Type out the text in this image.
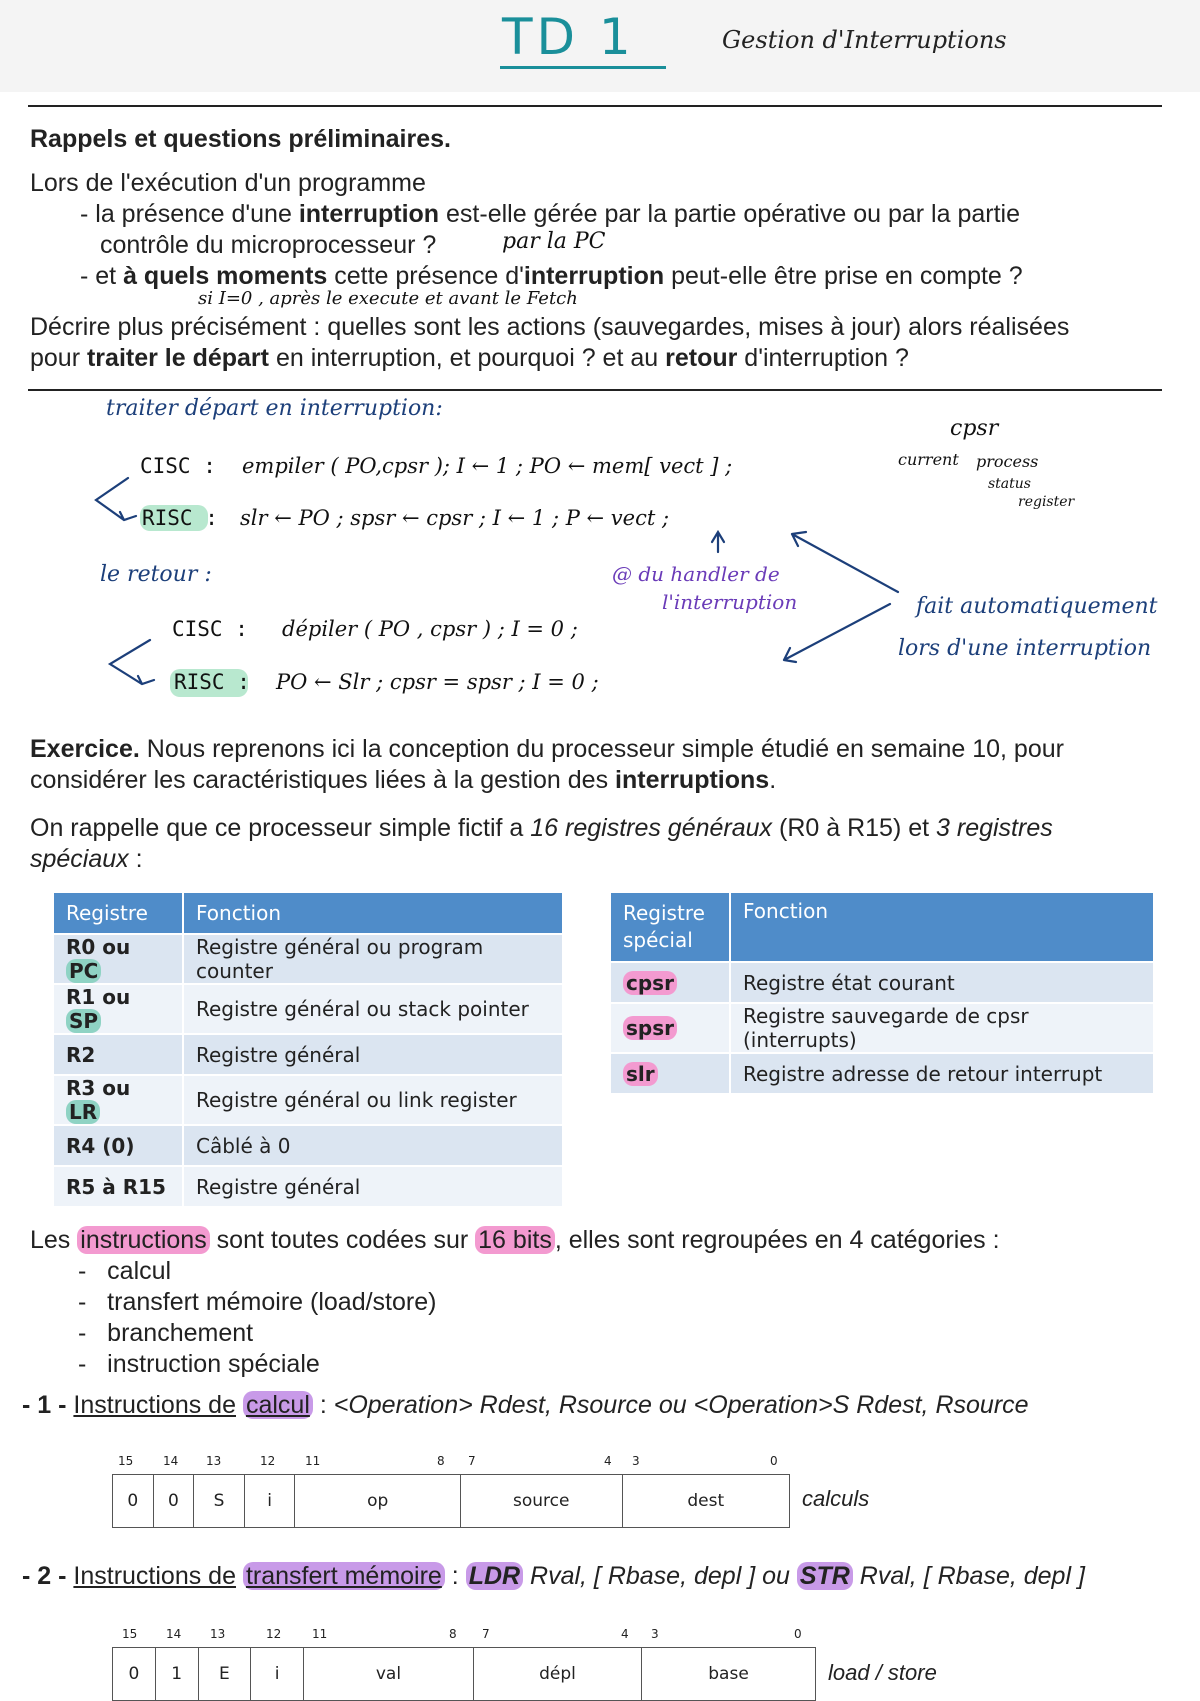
TD 1	Gestion d'Interruptions
Rappels et questions préliminaires.
Lors de l'exécution d'un programme
- la présence d'une interruption est-elle gérée par la partie opérative ou par la partie
contrôle du microprocesseur ?	par la PC
- et à quels moments cette présence d'interruption peut-elle être prise en compte ?
si I=0 , après le execute et avant le Fetch
Décrire plus précisément : quelles sont les actions (sauvegardes, mises à jour) alors réalisées
pour traiter le départ en interruption, et pourquoi ? et au retour d'interruption ?
traiter départ en interruption:
CISC : empiler ( PO,cpsr ); I ← 1 ; PO ← mem[ vect ] ;
RISC : slr ← PO ; spsr ← cpsr ; I ← 1 ; P ← vect ;
le retour :
CISC : dépiler ( PO , cpsr ) ; I = 0 ;
RISC : PO ← Slr ; cpsr = spsr ; I = 0 ;
@ du handler de
l'interruption	fait automatiquement
lors d'une interruption
cpsr
current process
status
register
Exercice. Nous reprenons ici la conception du processeur simple étudié en semaine 10, pour
considérer les caractéristiques liées à la gestion des interruptions.
On rappelle que ce processeur simple fictif a 16 registres généraux (R0 à R15) et 3 registres
spéciaux :
Registre	Fonction
R0 ou PC	Registre général ou program counter
R1 ou SP	Registre général ou stack pointer
R2	Registre général
R3 ou LR	Registre général ou link register
R4 (0)	Câblé à 0
R5 à R15	Registre général
Registre
spécial	Fonction
cpsr	Registre état courant
spsr	Registre sauvegarde de cpsr (interrupts)
slr	Registre adresse de retour interrupt
Les instructions sont toutes codées sur 16 bits , elles sont regroupées en 4 catégories :
-   calcul
-   transfert mémoire (load/store)
-   branchement
-   instruction spéciale
- 1 - Instructions de calcul : <Operation> Rdest, Rsource ou <Operation>S Rdest, Rsource
15 14 13	12 11	8 7	4 3	0
0	0	S	i	op	source	dest	calculs
- 2 - Instructions de transfert mémoire : LDR Rval, [ Rbase, depl ] ou STR Rval, [ Rbase, depl ]
15 14 13	12	11	8 7	4 3	0
0	1	E	i	val	dépl	base	load / store
